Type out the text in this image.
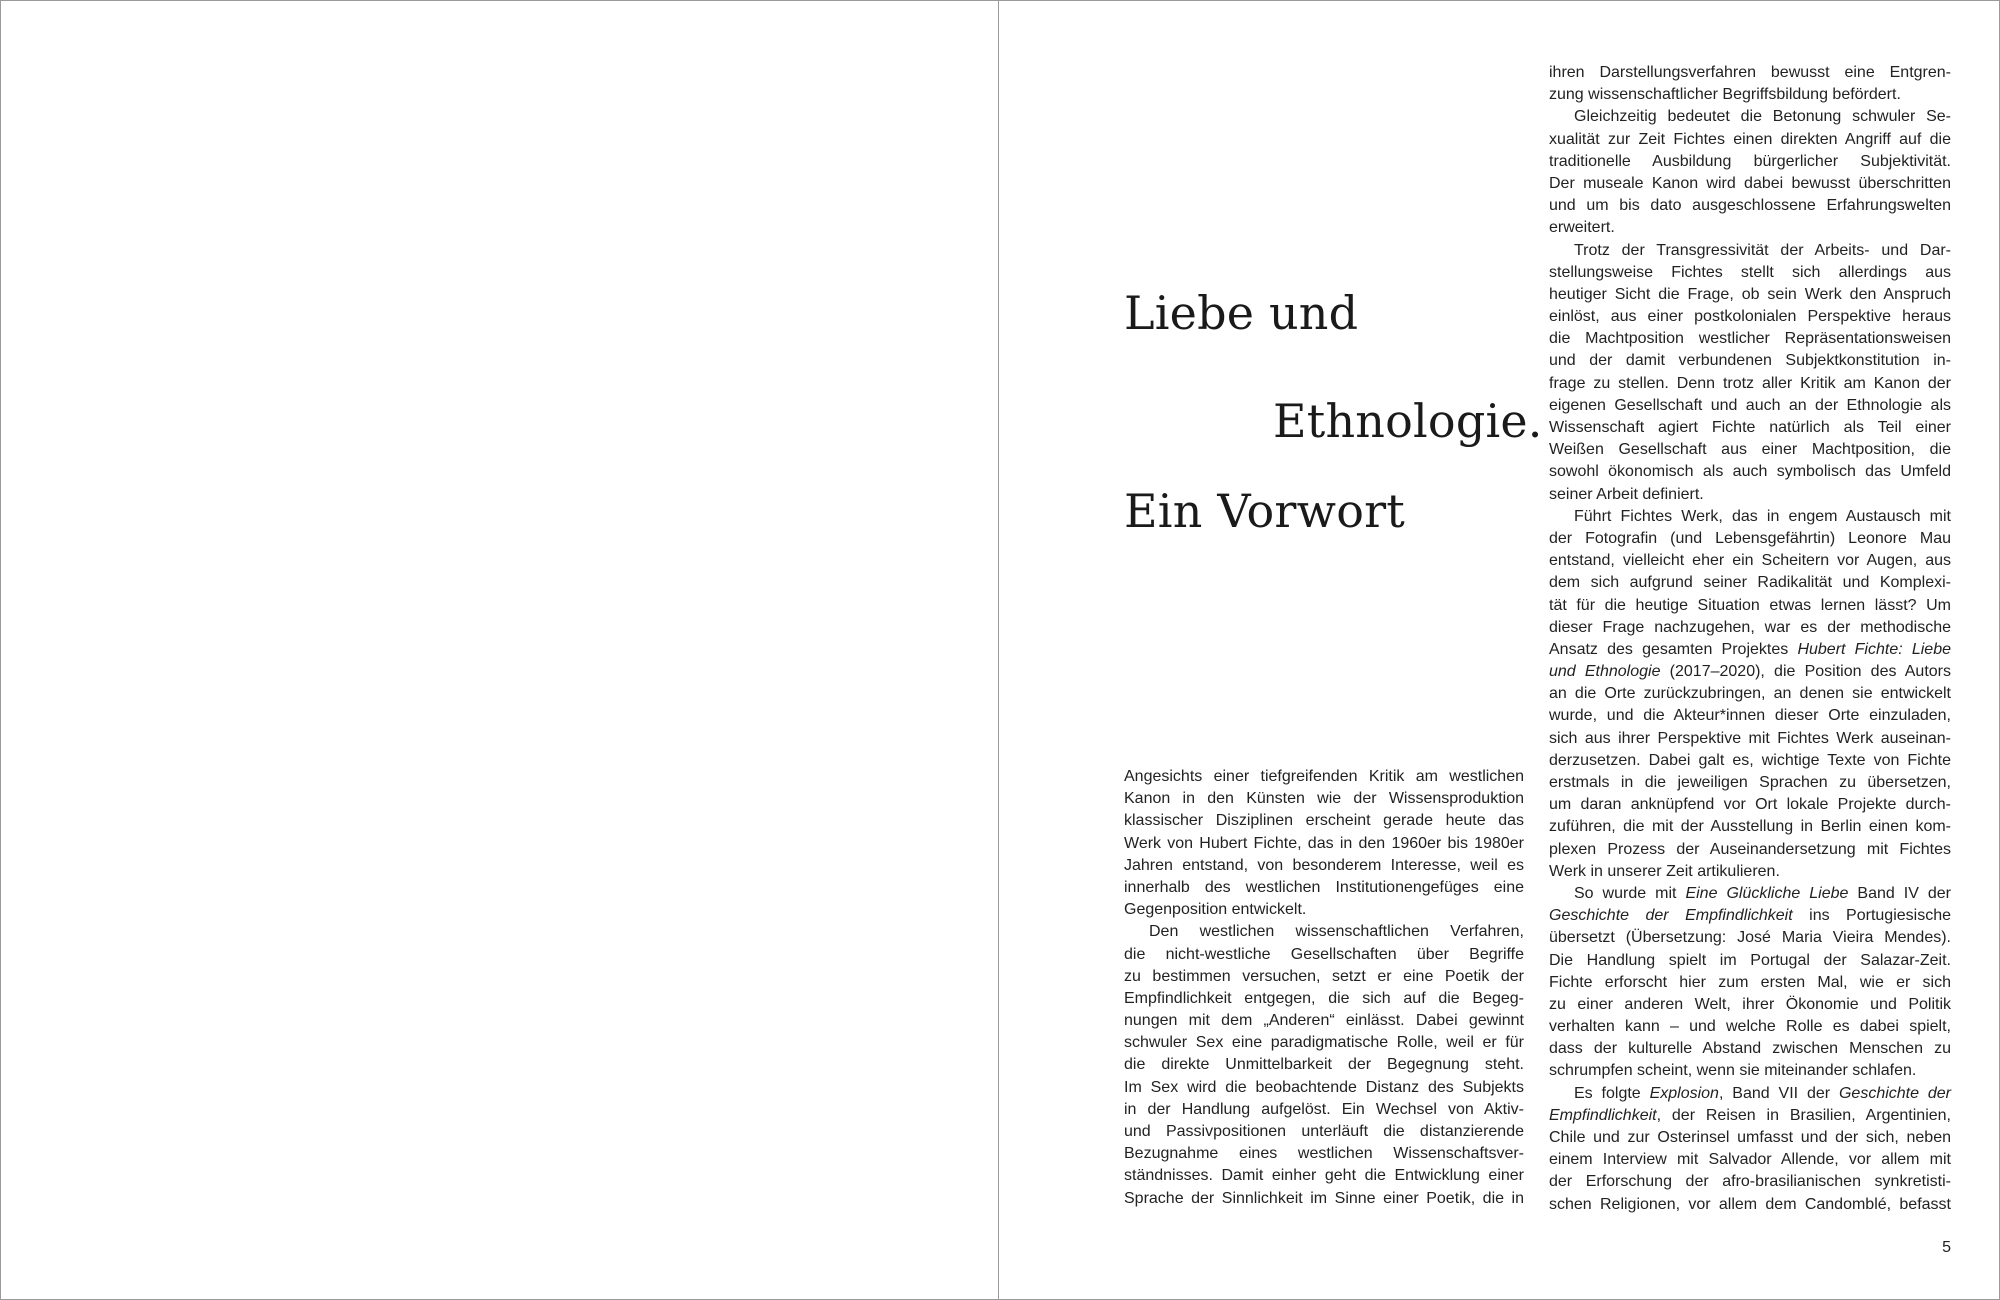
Liebe und
Ethnologie.
Ein Vorwort
Angesichts einer tiefgreifenden Kritik am westlichen
Kanon in den Künsten wie der Wissensproduktion
klassischer Disziplinen erscheint gerade heute das
Werk von Hubert Fichte, das in den 1960er bis 1980er
Jahren entstand, von besonderem Interesse, weil es
innerhalb des westlichen Institutionengefüges eine
Gegenposition entwickelt.
Den westlichen wissenschaftlichen Verfahren,
die nicht-westliche Gesellschaften über Begriffe
zu bestimmen versuchen, setzt er eine Poetik der
Empfindlichkeit entgegen, die sich auf die Begeg-
nungen mit dem „Anderen“ einlässt. Dabei gewinnt
schwuler Sex eine paradigmatische Rolle, weil er für
die direkte Unmittelbarkeit der Begegnung steht.
Im Sex wird die beobachtende Distanz des Subjekts
in der Handlung aufgelöst. Ein Wechsel von Aktiv-
und Passivpositionen unterläuft die distanzierende
Bezugnahme eines westlichen Wissenschaftsver-
ständnisses. Damit einher geht die Entwicklung einer
Sprache der Sinnlichkeit im Sinne einer Poetik, die in
ihren Darstellungsverfahren bewusst eine Entgren-
zung wissenschaftlicher Begriffsbildung befördert.
Gleichzeitig bedeutet die Betonung schwuler Se-
xualität zur Zeit Fichtes einen direkten Angriff auf die
traditionelle Ausbildung bürgerlicher Subjektivität.
Der museale Kanon wird dabei bewusst überschritten
und um bis dato ausgeschlossene Erfahrungswelten
erweitert.
Trotz der Transgressivität der Arbeits- und Dar-
stellungsweise Fichtes stellt sich allerdings aus
heutiger Sicht die Frage, ob sein Werk den Anspruch
einlöst, aus einer postkolonialen Perspektive heraus
die Machtposition westlicher Repräsentationsweisen
und der damit verbundenen Subjektkonstitution in-
frage zu stellen. Denn trotz aller Kritik am Kanon der
eigenen Gesellschaft und auch an der Ethnologie als
Wissenschaft agiert Fichte natürlich als Teil einer
Weißen Gesellschaft aus einer Machtposition, die
sowohl ökonomisch als auch symbolisch das Umfeld
seiner Arbeit definiert.
Führt Fichtes Werk, das in engem Austausch mit
der Fotografin (und Lebensgefährtin) Leonore Mau
entstand, vielleicht eher ein Scheitern vor Augen, aus
dem sich aufgrund seiner Radikalität und Komplexi-
tät für die heutige Situation etwas lernen lässt? Um
dieser Frage nachzugehen, war es der methodische
Ansatz des gesamten Projektes Hubert Fichte: Liebe
und Ethnologie (2017–2020), die Position des Autors
an die Orte zurückzubringen, an denen sie entwickelt
wurde, und die Akteur*innen dieser Orte einzuladen,
sich aus ihrer Perspektive mit Fichtes Werk auseinan-
derzusetzen. Dabei galt es, wichtige Texte von Fichte
erstmals in die jeweiligen Sprachen zu übersetzen,
um daran anknüpfend vor Ort lokale Projekte durch-
zuführen, die mit der Ausstellung in Berlin einen kom-
plexen Prozess der Auseinandersetzung mit Fichtes
Werk in unserer Zeit artikulieren.
So wurde mit Eine Glückliche Liebe Band IV der
Geschichte der Empfindlichkeit ins Portugiesische
übersetzt (Übersetzung: José Maria Vieira Mendes).
Die Handlung spielt im Portugal der Salazar-Zeit.
Fichte erforscht hier zum ersten Mal, wie er sich
zu einer anderen Welt, ihrer Ökonomie und Politik
verhalten kann – und welche Rolle es dabei spielt,
dass der kulturelle Abstand zwischen Menschen zu
schrumpfen scheint, wenn sie miteinander schlafen.
Es folgte Explosion, Band VII der Geschichte der
Empfindlichkeit, der Reisen in Brasilien, Argentinien,
Chile und zur Osterinsel umfasst und der sich, neben
einem Interview mit Salvador Allende, vor allem mit
der Erforschung der afro-brasilianischen synkretisti-
schen Religionen, vor allem dem Candomblé, befasst
5
